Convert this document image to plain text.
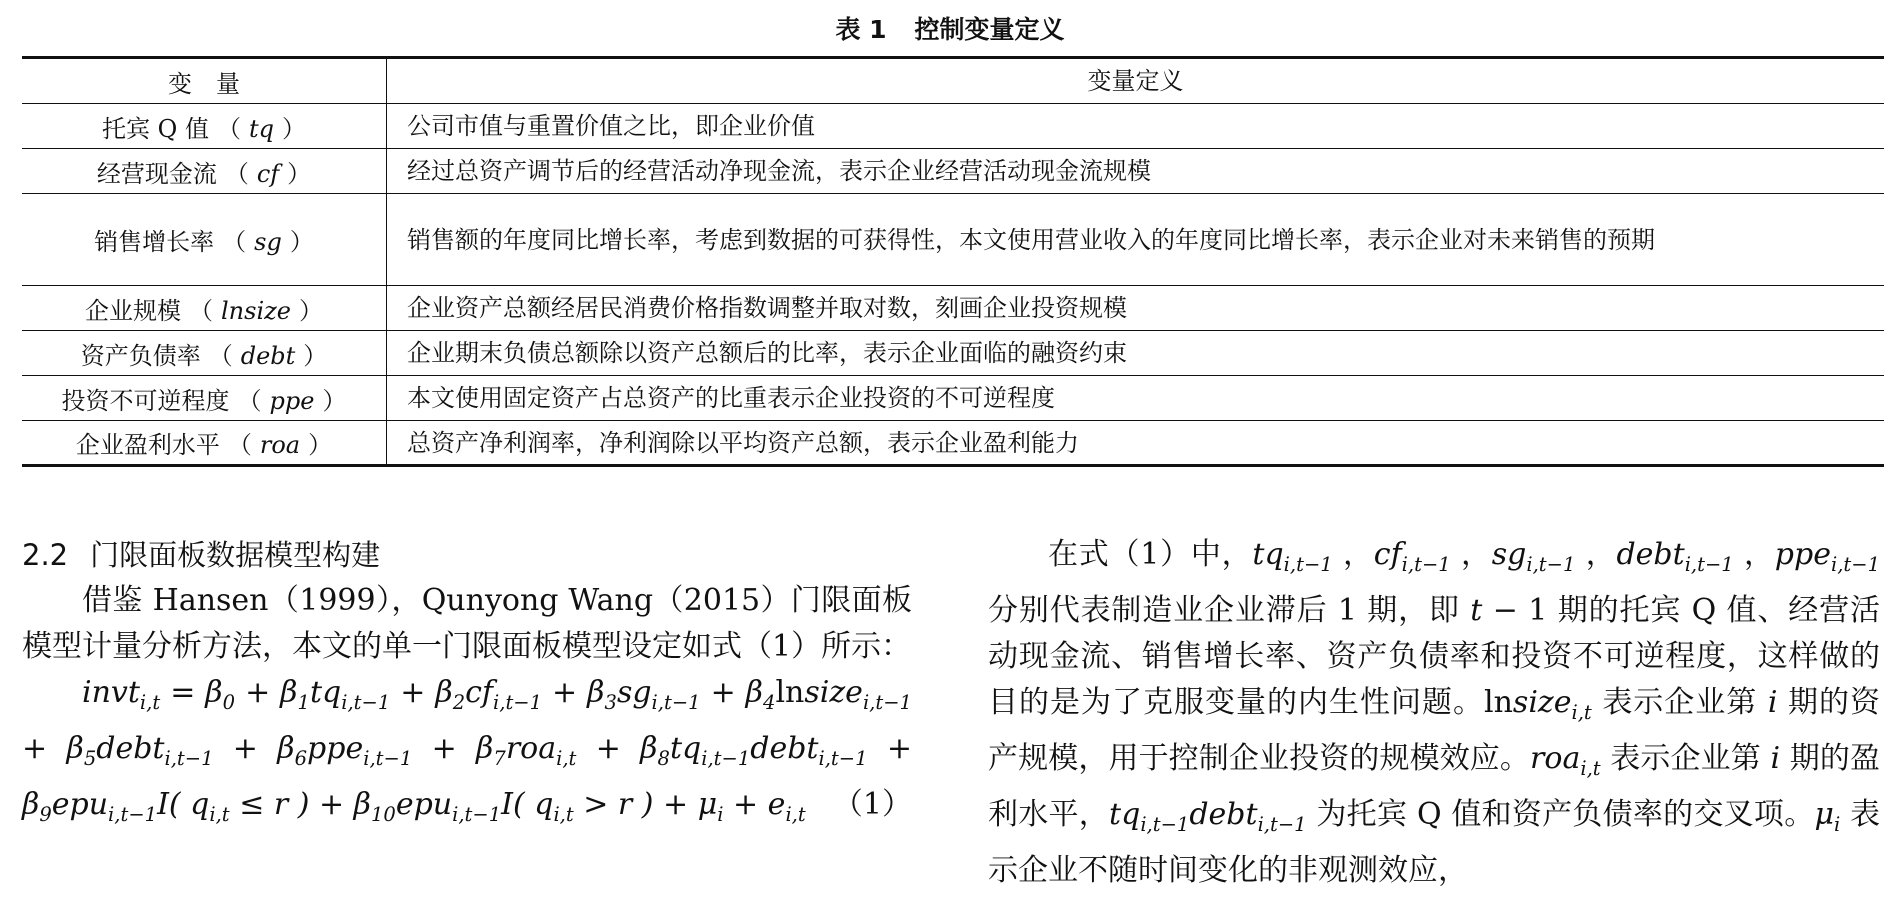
表 1 控制变量定义
变　量	变量定义
托宾 Q 值 （ tq ）	公司市值与重置价值之比，即企业价值
经营现金流 （ cf ）	经过总资产调节后的经营活动净现金流，表示企业经营活动现金流规模
销售增长率 （ sg ）	销售额的年度同比增长率，考虑到数据的可获得性，本文使用营业收入的年度同比增长率，表示企业对未来销售的预期
企业规模 （ lnsize ）	企业资产总额经居民消费价格指数调整并取对数，刻画企业投资规模
资产负债率 （ debt ）	企业期末负债总额除以资产总额后的比率，表示企业面临的融资约束
投资不可逆程度 （ ppe ）	本文使用固定资产占总资产的比重表示企业投资的不可逆程度
企业盈利水平 （ roa ）	总资产净利润率，净利润除以平均资产总额，表示企业盈利能力
2.2 门限面板数据模型构建

借鉴 Hansen（1999），Qunyong Wang（2015）门限面板模型计量分析方法，本文的单一门限面板模型设定如式（1）所示：

invt$_{i,t}$ = $\beta_0 + \beta_1tq_{i,t-1} + \beta_2cf_{i,t-1} + \beta_3sg_{i,t-1}$ + $\beta_4lnsize_{i,t-1}$ + $\beta_5debt_{i,t-1} + \beta_6ppe_{i,t-1} + \beta_7roa_{i,t}$ + $\beta_8tq_{i,t-1}debt_{i,t-1} + \beta_9epu_{i,t-1}I$( $q_{i,t} \le r$ ) + $\beta_{10}epu_{i,t-1}I$( $q_{i,t} > r$ ) + $\mu_i + e_{i,t}$ （1）

在式（1）中，$tq_{i,t-1}$ ，$cf_{i,t-1}$ ，$sg_{i,t-1}$ ，debt$_{i,t-1}$ ，ppe$_{i,t-1}$ 分别代表制造业企业滞后 1 期，即 t − 1 期的托宾 Q 值、经营活动现金流、销售增长率、资产负债率和投资不可逆程度，这样做的目的是为了克服变量的内生性问题。lnsize$_{i,t}$ 表示企业第 i 期的资产规模，用于控制企业投资的规模效应。roa$_{i,t}$ 表示企业第 i 期的盈利水平，$tq_{i,t-1}debt_{i,t-1}$ 为托宾 Q 值和资产负债率的交叉项。$\mu_i$ 表示企业不随时间变化的非观测效应，
